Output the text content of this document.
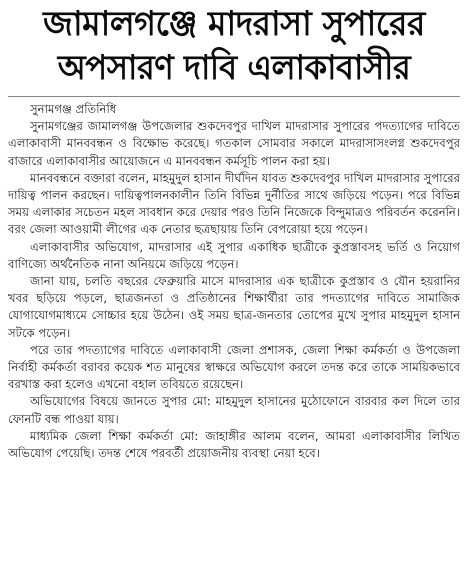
জামালগঞ্জে মাদরাসা সুপারের
অপসারণ দাবি এলাকাবাসীর
সুনামগঞ্জ প্রতিনিধি

সুনামগঞ্জের জামালগঞ্জ উপজেলার শুকদেবপুর দাখিল মাদরাসার সুপারের পদত্যাগের দাবিতে এলাকাবাসী মানববন্ধন ও বিক্ষোভ করেছে। গতকাল সোমবার সকালে মাদরাসাসংলগ্ন শুকদেবপুর বাজারে এলাকাবাসীর আয়োজনে এ মানববন্ধন কর্মসূচি পালন করা হয়।

মানববন্ধনে বক্তারা বলেন, মাহমুদুল হাসান দীর্ঘদিন যাবত শুকদেবপুর দাখিল মাদরাসার সুপারের দায়িত্ব পালন করছেন। দায়িত্বপালনকালীন তিনি বিভিন্ন দুর্নীতির সাথে জড়িয়ে পড়েন। পরে বিভিন্ন সময় এলাকার সচেতন মহল সাবধান করে দেয়ার পরও তিনি নিজেকে বিন্দুমাত্রও পরিবর্তন করেননি। বরং জেলা আওয়ামী লীগের এক নেতার ছত্রছায়ায় তিনি বেপরোয়া হয়ে পড়েন।

এলাকাবাসীর অভিযোগ, মাদরাসার এই সুপার একাধিক ছাত্রীকে কুপ্রস্তাবসহ ভর্তি ও নিয়োগ বাণিজ্যে অর্থনৈতিক নানা অনিয়মে জড়িয়ে পড়েন।

জানা যায়, চলতি বছরের ফেব্রুয়ারি মাসে মাদরাসার এক ছাত্রীকে কুপ্রস্তাব ও যৌন হয়রানির খবর ছড়িয়ে পড়লে, ছাত্রজনতা ও প্রতিষ্ঠানের শিক্ষার্থীরা তার পদত্যাগের দাবিতে সামাজিক যোগাযোগমাধ্যমে সোচ্চার হয়ে উঠেন। ওই সময় ছাত্র-জনতার তোপের মুখে সুপার মাহমুদুল হাসান সটকে পড়েন।

পরে তার পদত্যাগের দাবিতে এলাকাবাসী জেলা প্রশাসক, জেলা শিক্ষা কর্মকর্তা ও উপজেলা নির্বাহী কর্মকর্তা বরাবর কয়েক শত মানুষের স্বাক্ষরে অভিযোগ করলে তদন্ত করে তাকে সাময়িকভাবে বরখাস্ত করা হলেও এখনো বহাল তবিয়তে রয়েছেন।

অভিযোগের বিষয়ে জানতে সুপার মো: মাহমুদুল হাসানের মুঠোফোনে বারবার কল দিলে তার ফোনটি বন্ধ পাওয়া যায়।

মাধ্যমিক জেলা শিক্ষা কর্মকর্তা মো: জাহাঙ্গীর আলম বলেন, আমরা এলাকাবাসীর লিখিত অভিযোগ পেয়েছি। তদন্ত শেষে পরবর্তী প্রয়োজনীয় ব্যবস্থা নেয়া হবে।
